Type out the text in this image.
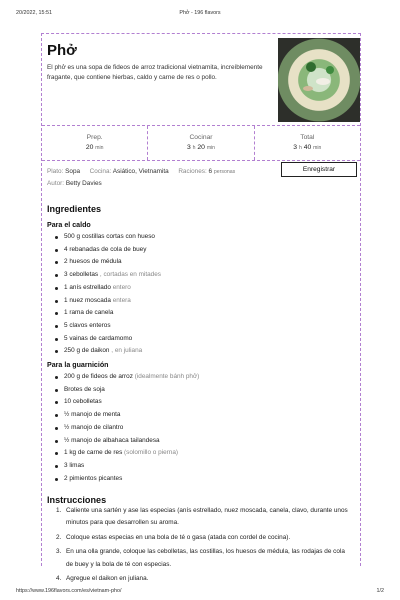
20/2022, 15:51	Phở - 196 flavors
Phở

El phở es una sopa de fideos de arroz tradicional vietnamita, increíblemente fragante, que contiene hierbas, caldo y carne de res o pollo.

Prep.
20 min
Cocinar
3 h 20 min
Total
3 h 40 min
Plato: Sopa Cocina: Asiático, Vietnamita Raciones: 6 personas
Autor: Betty Davies
Enregistrar
Ingredientes
Para el caldo
500 g costillas cortas con hueso
4 rebanadas de cola de buey
2 huesos de médula
3 cebolletas , cortadas en mitades
1 anís estrellado entero
1 nuez moscada entera
1 rama de canela
5 clavos enteros
5 vainas de cardamomo
250 g de daikon , en juliana
Para la guarnición
200 g de fideos de arroz (idealmente bánh phở)
Brotes de soja
10 cebolletas
½ manojo de menta
½ manojo de cilantro
½ manojo de albahaca tailandesa
1 kg de carne de res (solomillo o pierna)
3 limas
2 pimientos picantes
Instrucciones
1. Caliente una sartén y ase las especias (anís estrellado, nuez moscada, canela, clavo, durante unos minutos para que desarrollen su aroma.
2. Coloque estas especias en una bola de té o gasa (atada con cordel de cocina).
3. En una olla grande, coloque las cebolletas, las costillas, los huesos de médula, las rodajas de cola de buey y la bola de té con especias.
4. Agregue el daikon en juliana.
https://www.196flavors.com/es/vietnam-pho/	1/2
